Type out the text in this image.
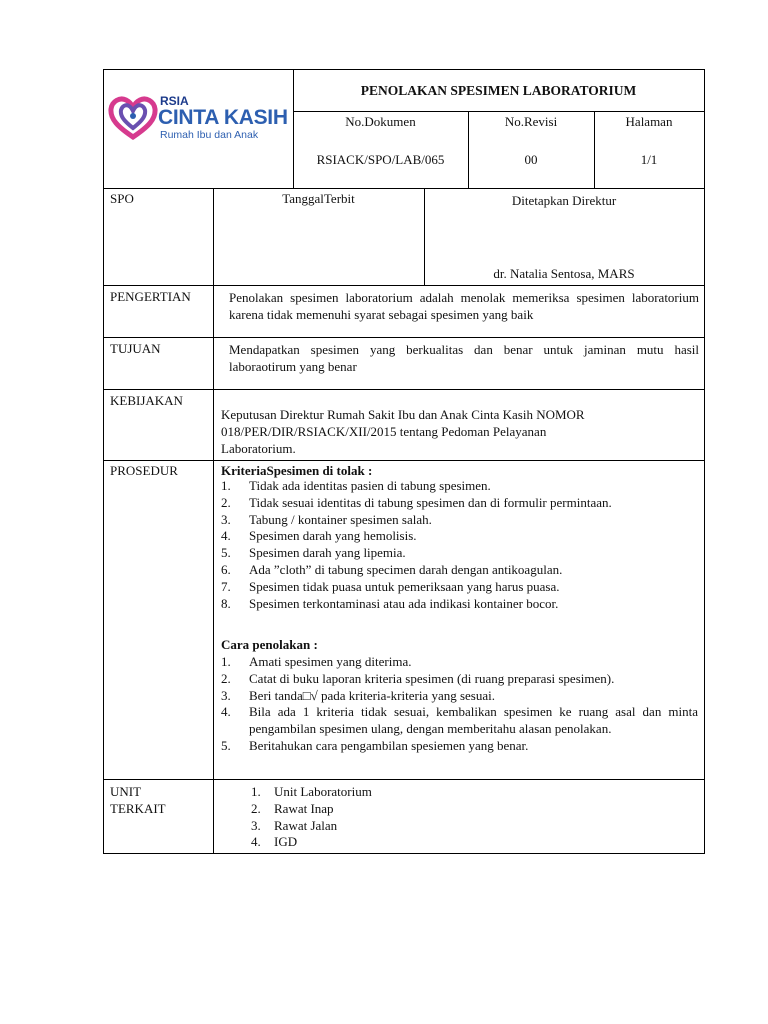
RSIA
CINTA KASIH
Rumah Ibu dan Anak
PENOLAKAN SPESIMEN LABORATORIUM
No.Dokumen	No.Revisi	Halaman
RSIACK/SPO/LAB/065	00	1/1
SPO	TanggalTerbit	Ditetapkan Direktur
dr. Natalia Sentosa, MARS
PENGERTIAN	Penolakan spesimen laboratorium adalah menolak memeriksa spesimen laboratorium karena tidak memenuhi syarat sebagai spesimen yang baik
TUJUAN	Mendapatkan spesimen yang berkualitas dan benar untuk jaminan mutu hasil laboraotirum yang benar
KEBIJAKAN
Keputusan Direktur Rumah Sakit Ibu dan Anak Cinta Kasih NOMOR
018/PER/DIR/RSIACK/XII/2015 tentang Pedoman Pelayanan
Laboratorium.
PROSEDUR	KriteriaSpesimen di tolak :
1. Tidak ada identitas pasien di tabung spesimen.
2. Tidak sesuai identitas di tabung spesimen dan di formulir permintaan.
3. Tabung / kontainer spesimen salah.
4. Spesimen darah yang hemolisis.
5. Spesimen darah yang lipemia.
6. Ada ”cloth” di tabung specimen darah dengan antikoagulan.
7. Spesimen tidak puasa untuk pemeriksaan yang harus puasa.
8. Spesimen terkontaminasi atau ada indikasi kontainer bocor.
Cara penolakan :
1. Amati spesimen yang diterima.
2. Catat di buku laporan kriteria spesimen (di ruang preparasi spesimen).
3. Beri tanda□√ pada kriteria-kriteria yang sesuai.
4. Bila ada 1 kriteria tidak sesuai, kembalikan spesimen ke ruang asal dan minta pengambilan spesimen ulang, dengan memberitahu alasan penolakan.
5. Beritahukan cara pengambilan spesiemen yang benar.
UNIT
TERKAIT
1. Unit Laboratorium
2. Rawat Inap
3. Rawat Jalan
4. IGD
